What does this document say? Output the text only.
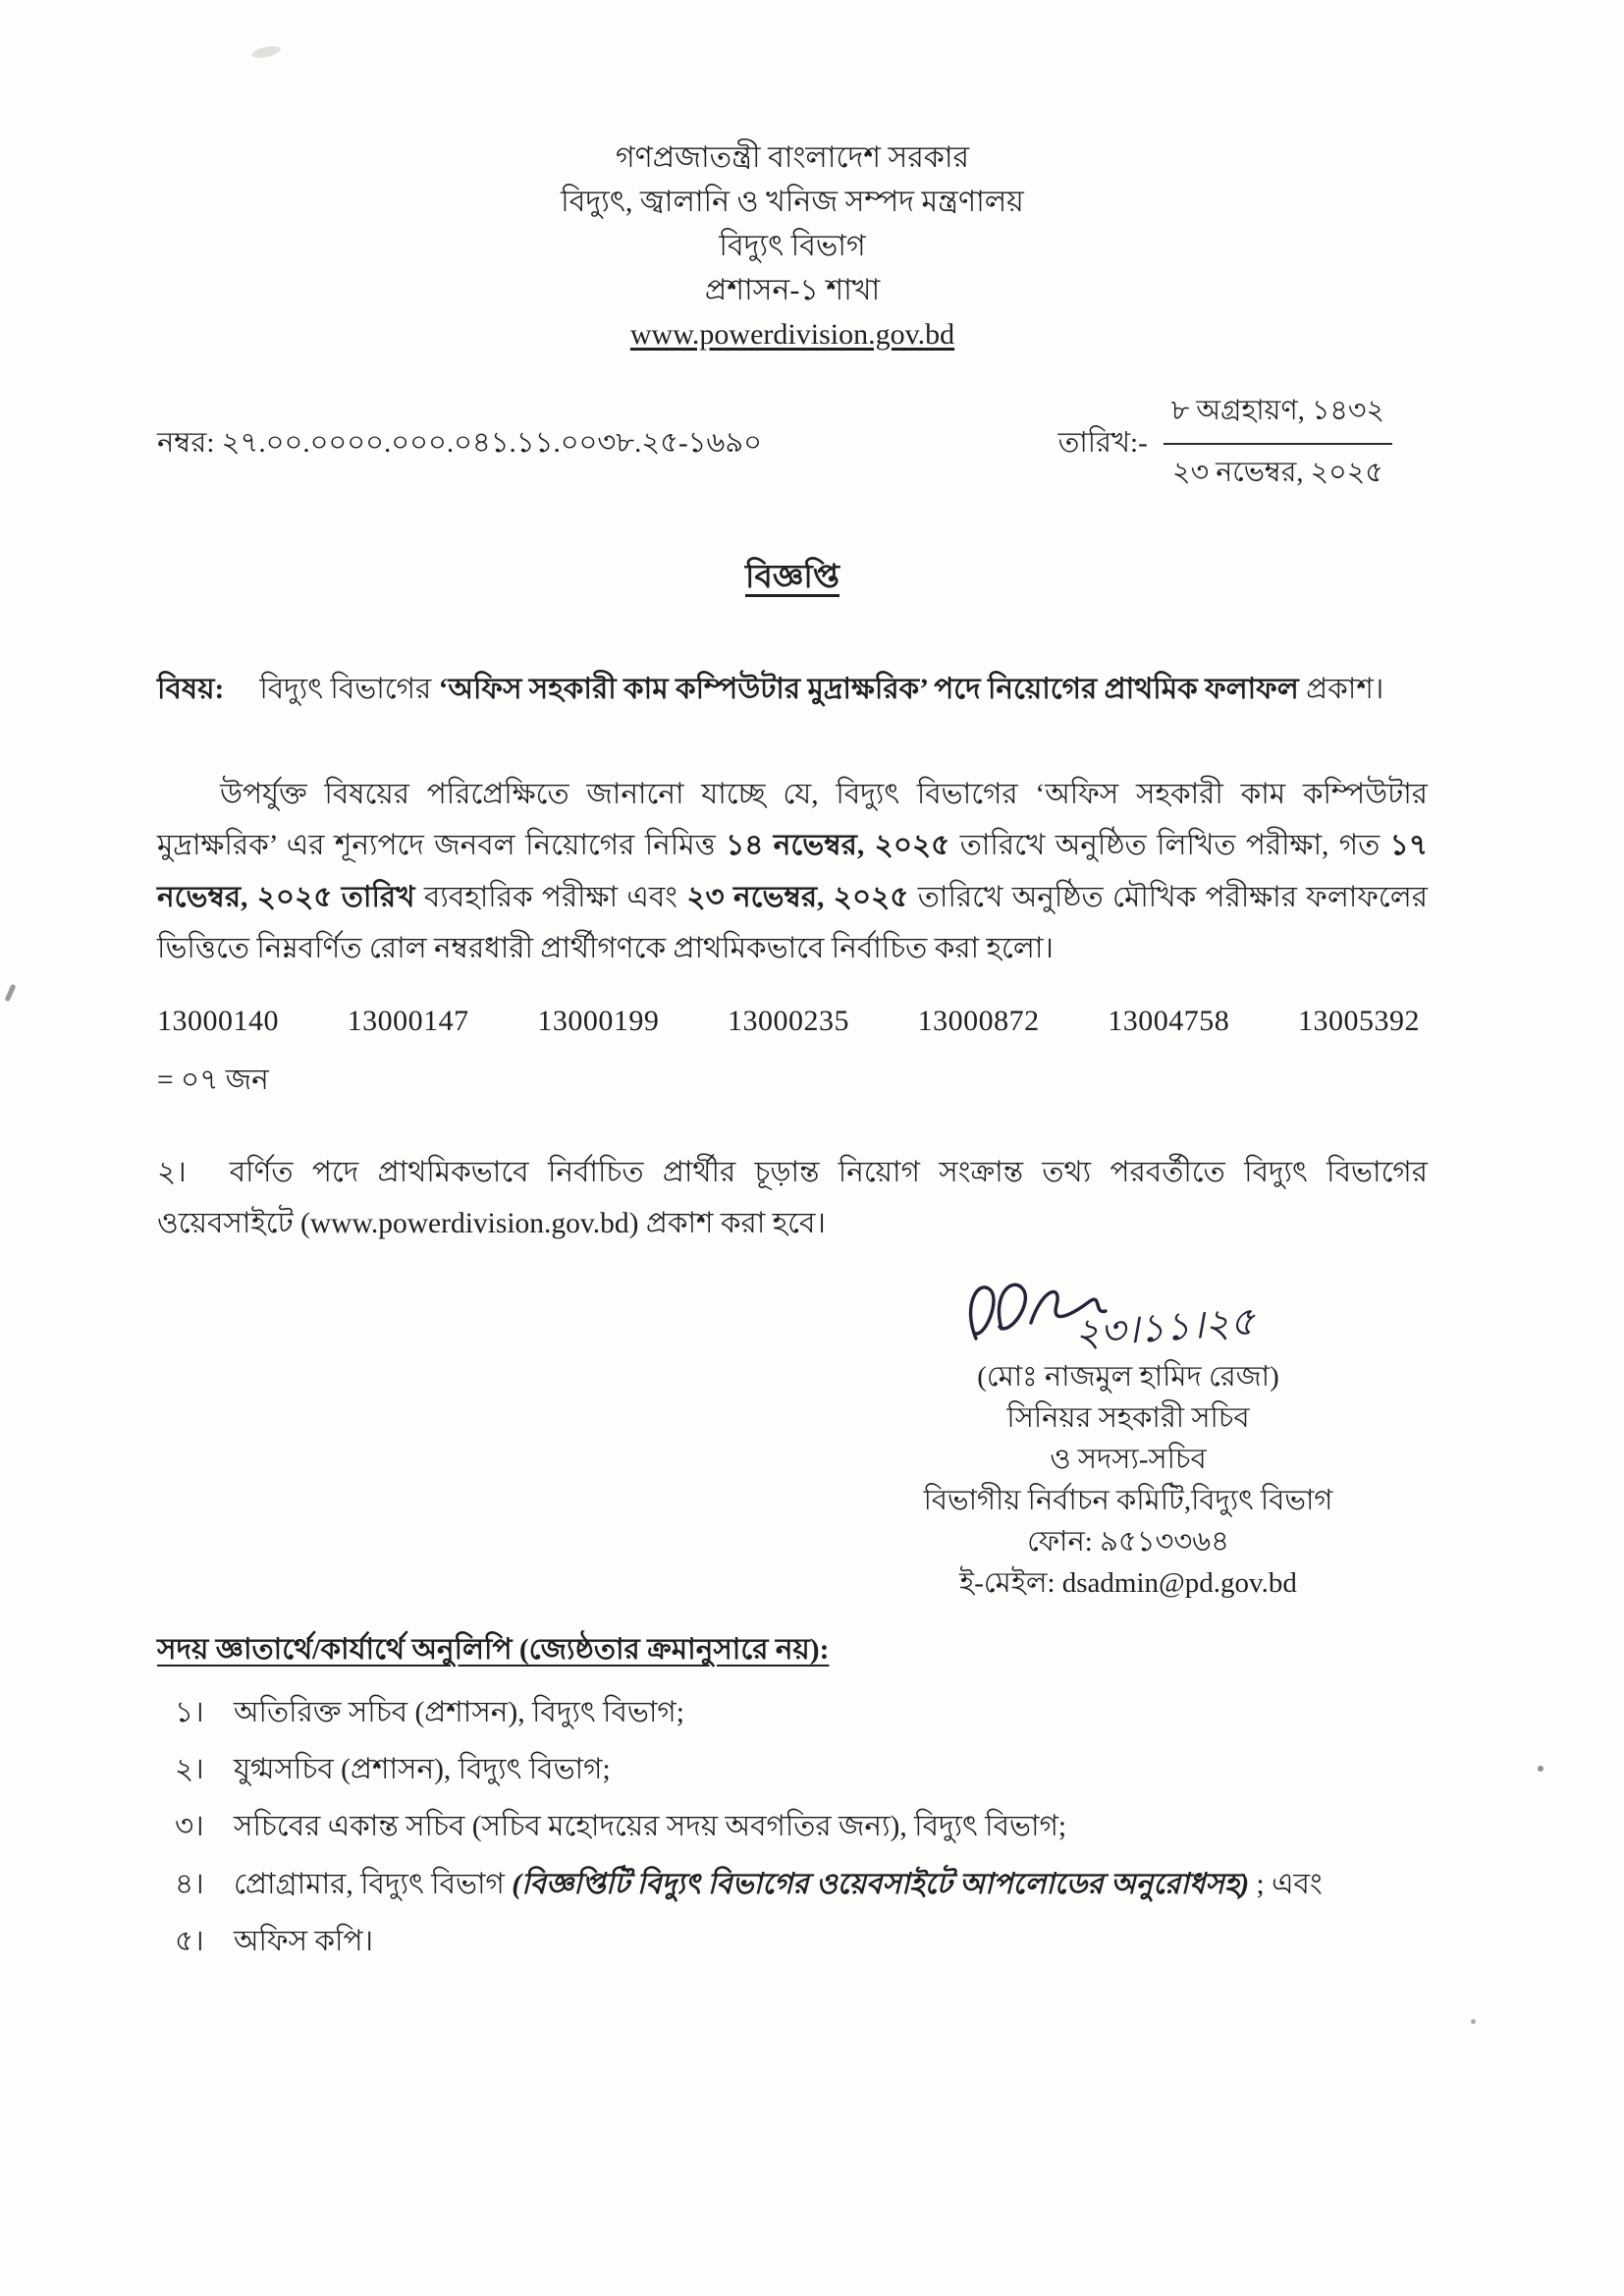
গণপ্রজাতন্ত্রী বাংলাদেশ সরকার
বিদ্যুৎ, জ্বালানি ও খনিজ সম্পদ মন্ত্রণালয়
বিদ্যুৎ বিভাগ
প্রশাসন-১ শাখা
www.powerdivision.gov.bd
নম্বর: ২৭.০০.০০০০.০০০.০৪১.১১.০০৩৮.২৫-১৬৯০	তারিখ:-
৮ অগ্রহায়ণ, ১৪৩২
২৩ নভেম্বর, ২০২৫
বিজ্ঞপ্তি

বিষয়: বিদ্যুৎ বিভাগের ‘অফিস সহকারী কাম কম্পিউটার মুদ্রাক্ষরিক’ পদে নিয়োগের প্রাথমিক ফলাফল প্রকাশ।

উপর্যুক্ত বিষয়ের পরিপ্রেক্ষিতে জানানো যাচ্ছে যে, বিদ্যুৎ বিভাগের ‘অফিস সহকারী কাম কম্পিউটার মুদ্রাক্ষরিক’ এর শূন্যপদে জনবল নিয়োগের নিমিত্ত ১৪ নভেম্বর, ২০২৫ তারিখে অনুষ্ঠিত লিখিত পরীক্ষা, গত ১৭ নভেম্বর, ২০২৫ তারিখ ব্যবহারিক পরীক্ষা এবং ২৩ নভেম্বর, ২০২৫ তারিখে অনুষ্ঠিত মৌখিক পরীক্ষার ফলাফলের ভিত্তিতে নিম্নবর্ণিত রোল নম্বরধারী প্রার্থীগণকে প্রাথমিকভাবে নির্বাচিত করা হলো।

13000140 13000147 13000199 13000235 13000872 13004758 13005392
= ০৭ জন

২। বর্ণিত পদে প্রাথমিকভাবে নির্বাচিত প্রার্থীর চূড়ান্ত নিয়োগ সংক্রান্ত তথ্য পরবর্তীতে বিদ্যুৎ বিভাগের ওয়েবসাইটে (www.powerdivision.gov.bd) প্রকাশ করা হবে।

২৩।১১।২৫
(মোঃ নাজমুল হামিদ রেজা)
সিনিয়র সহকারী সচিব
ও সদস্য-সচিব
বিভাগীয় নির্বাচন কমিটি,বিদ্যুৎ বিভাগ
ফোন: ৯৫১৩৩৬৪
ই-মেইল: dsadmin@pd.gov.bd
সদয় জ্ঞাতার্থে/কার্যার্থে অনুলিপি (জ্যেষ্ঠতার ক্রমানুসারে নয়):
১।	অতিরিক্ত সচিব (প্রশাসন), বিদ্যুৎ বিভাগ;
২।	যুগ্মসচিব (প্রশাসন), বিদ্যুৎ বিভাগ;
৩।	সচিবের একান্ত সচিব (সচিব মহোদয়ের সদয় অবগতির জন্য), বিদ্যুৎ বিভাগ;
৪।	প্রোগ্রামার, বিদ্যুৎ বিভাগ (বিজ্ঞপ্তিটি বিদ্যুৎ বিভাগের ওয়েবসাইটে আপলোডের অনুরোধসহ) ; এবং
৫।	অফিস কপি।
